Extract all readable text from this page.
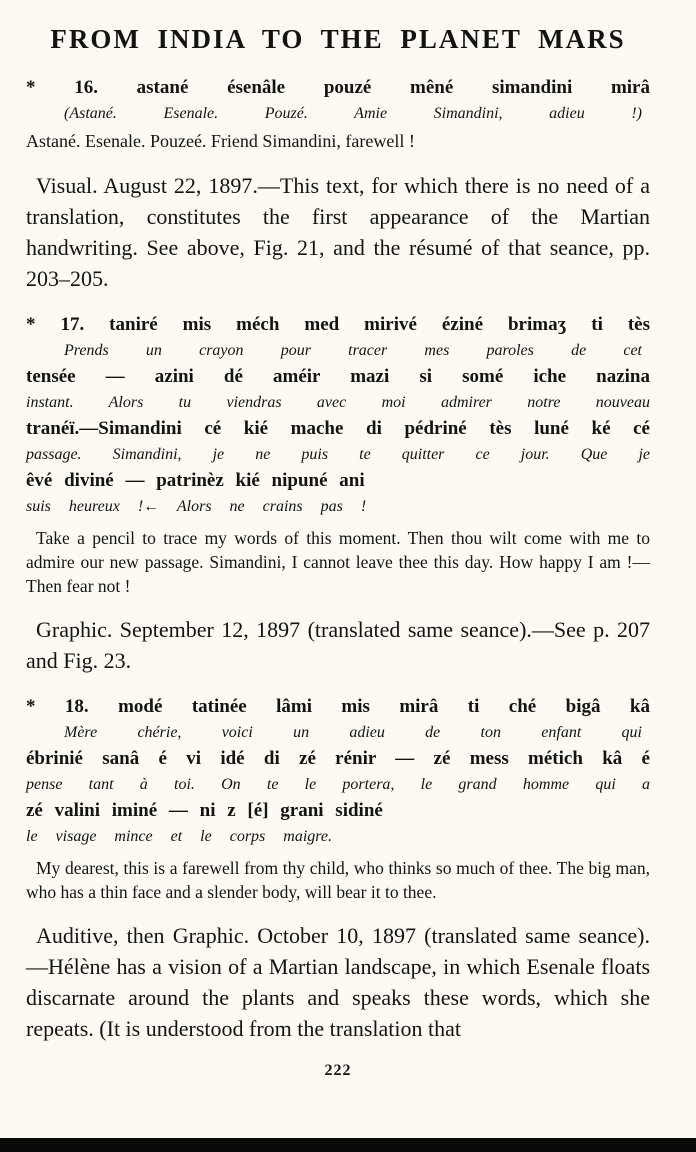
FROM INDIA TO THE PLANET MARS

* 16. astané ésenâle pouzé mêné simandini mirâ

(Astané. Esenale. Pouzé. Amie Simandini, adieu !)

Astané. Esenale. Pouzeé. Friend Simandini, farewell !

Visual. August 22, 1897.—This text, for which there is no need of a translation, constitutes the first appearance of the Martian handwriting. See above, Fig. 21, and the résumé of that seance, pp. 203–205.

* 17. taniré mis méch med mirivé éziné brimaʒ ti tès

Prends un crayon pour tracer mes paroles de cet

tensée — azini dé améir mazi si somé iche nazina

instant. Alors tu viendras avec moi admirer notre nouveau

tranéï.—Simandini cé kié mache di pédriné tès luné ké cé

passage. Simandini, je ne puis te quitter ce jour. Que je

êvé diviné — patrinèz kié nipuné ani

suis heureux !← Alors ne crains pas !

Take a pencil to trace my words of this moment. Then thou wilt come with me to admire our new passage. Simandini, I cannot leave thee this day. How happy I am !—Then fear not !

Graphic. September 12, 1897 (translated same seance).—See p. 207 and Fig. 23.

* 18. modé tatinée lâmi mis mirâ ti ché bigâ kâ

Mère chérie, voici un adieu de ton enfant qui

ébrinié sanâ é vi idé di zé rénir — zé mess métich kâ é

pense tant à toi. On te le portera, le grand homme qui a

zé valini iminé — ni z [é] grani sidiné

le visage mince et le corps maigre.

My dearest, this is a farewell from thy child, who thinks so much of thee. The big man, who has a thin face and a slender body, will bear it to thee.

Auditive, then Graphic. October 10, 1897 (translated same seance).—Hélène has a vision of a Martian landscape, in which Esenale floats discarnate around the plants and speaks these words, which she repeats. (It is understood from the translation that

222
